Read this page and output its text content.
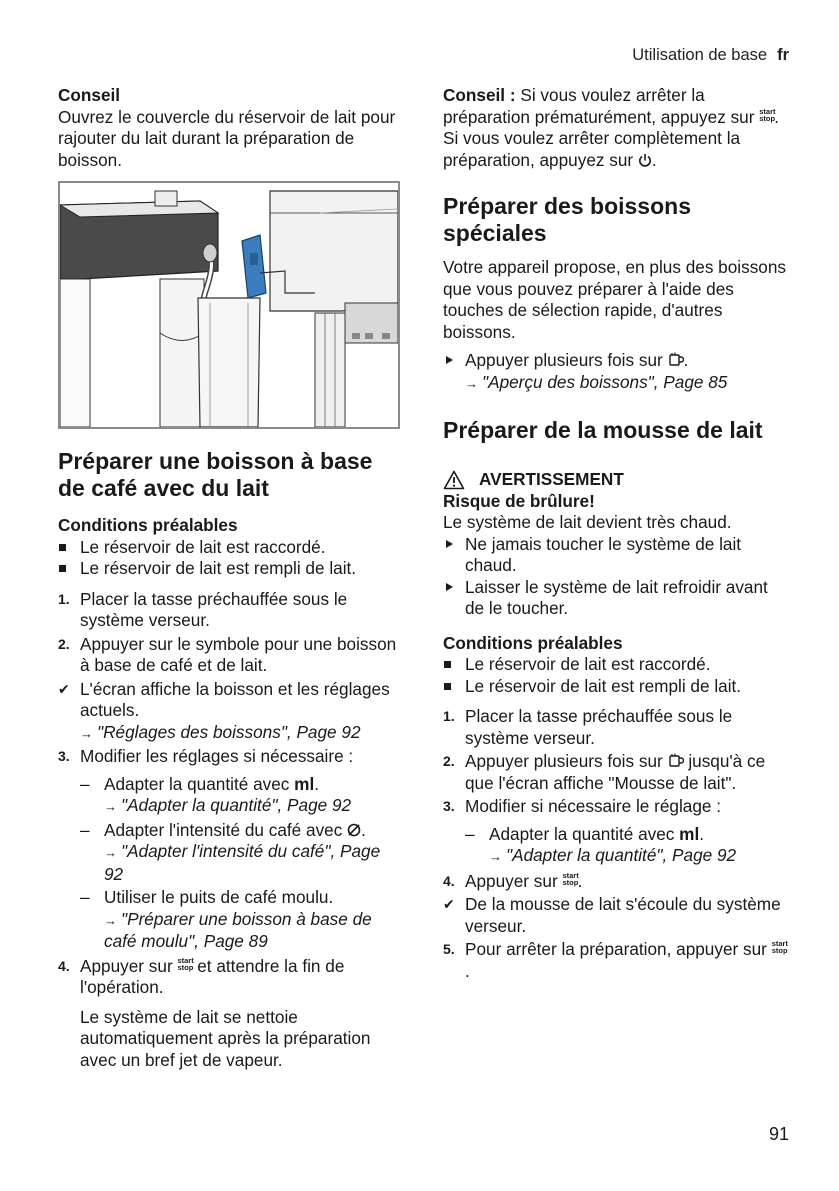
Utilisation de base fr
Conseil

Ouvrez le couvercle du réservoir de lait pour rajouter du lait durant la préparation de boisson.

Préparer une boisson à base de café avec du lait
Conditions préalables
Le réservoir de lait est raccordé.
Le réservoir de lait est rempli de lait.
1. Placer la tasse préchauffée sous le système verseur.
2. Appuyer sur le symbole pour une boisson à base de café et de lait.
✔ L'écran affiche la boisson et les réglages actuels.
→ "Réglages des boissons", Page 92
3. Modifier les réglages si nécessaire :
– Adapter la quantité avec ml.
→ "Adapter la quantité", Page 92
– Adapter l'intensité du café avec .
→ "Adapter l'intensité du café", Page 92
– Utiliser le puits de café moulu.
→ "Préparer une boisson à base de café moulu", Page 89
4. Appuyer sur start
stop et attendre la fin de l'opération.
Le système de lait se nettoie automatiquement après la préparation avec un bref jet de vapeur.

Conseil : Si vous voulez arrêter la préparation prématurément, appuyez sur start
stop. Si vous voulez arrêter complètement la préparation, appuyez sur .

Préparer des boissons spéciales

Votre appareil propose, en plus des boissons que vous pouvez préparer à l'aide des touches de sélection rapide, d'autres boissons.

Appuyer plusieurs fois sur .
→ "Aperçu des boissons", Page 85
Préparer de la mousse de lait
AVERTISSEMENT
Risque de brûlure!

Le système de lait devient très chaud.

Ne jamais toucher le système de lait chaud.
Laisser le système de lait refroidir avant de le toucher.
Conditions préalables
Le réservoir de lait est raccordé.
Le réservoir de lait est rempli de lait.
1. Placer la tasse préchauffée sous le système verseur.
2. Appuyer plusieurs fois sur jusqu'à ce que l'écran affiche "Mousse de lait".
3. Modifier si nécessaire le réglage :
– Adapter la quantité avec ml.
→ "Adapter la quantité", Page 92
4. Appuyer sur start
stop.
✔ De la mousse de lait s'écoule du système verseur.
5. Pour arrêter la préparation, appuyer sur start
stop.
91
